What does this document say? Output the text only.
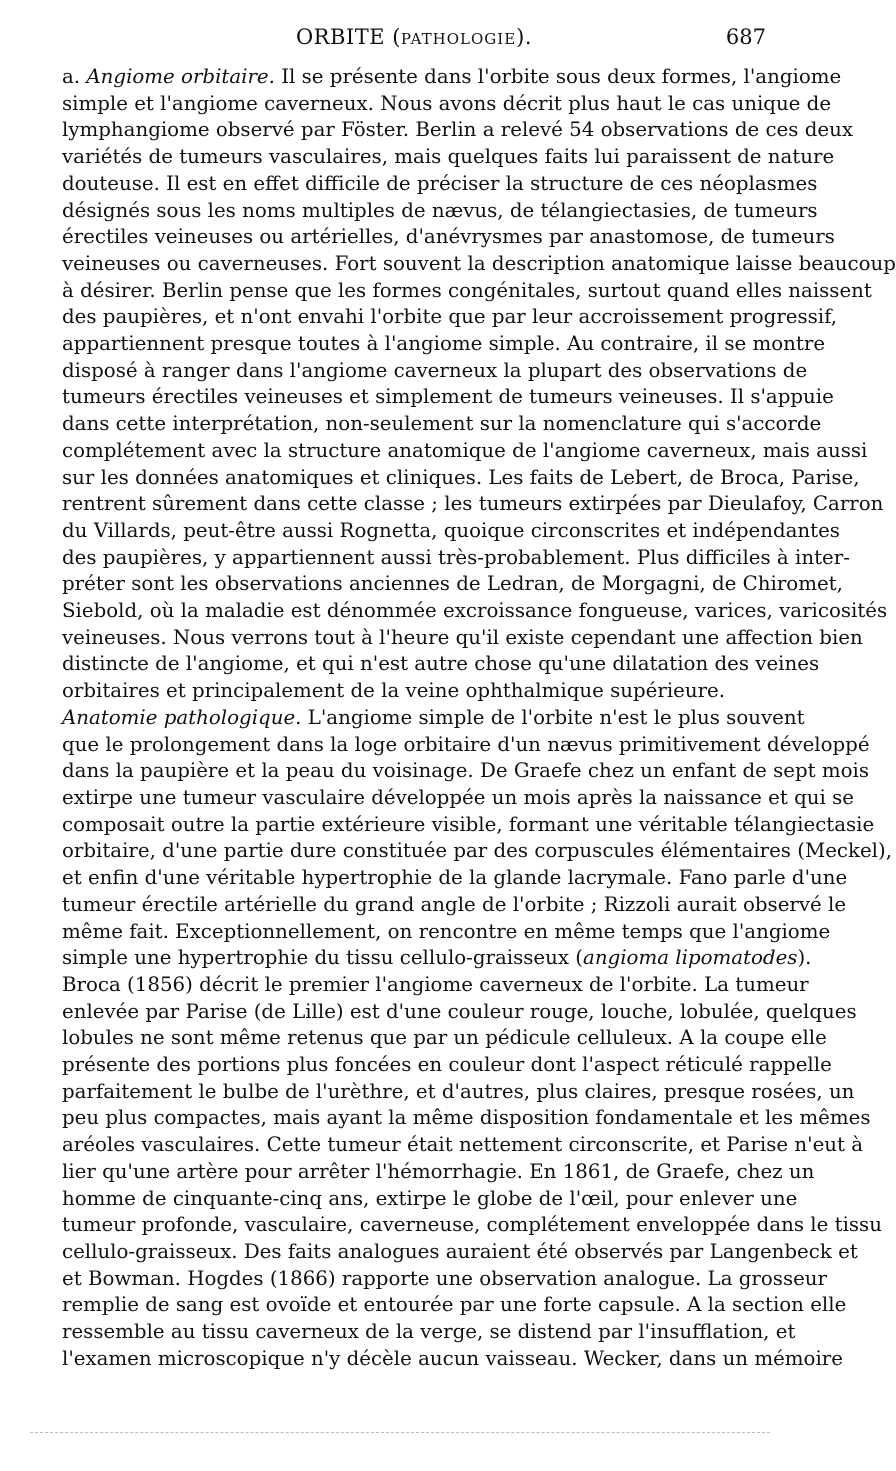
ORBITE (PATHOLOGIE).	687

a. Angiome orbitaire. Il se présente dans l'orbite sous deux formes, l'angiome
simple et l'angiome caverneux. Nous avons décrit plus haut le cas unique de
lymphangiome observé par Föster. Berlin a relevé 54 observations de ces deux
variétés de tumeurs vasculaires, mais quelques faits lui paraissent de nature
douteuse. Il est en effet difficile de préciser la structure de ces néoplasmes
désignés sous les noms multiples de nævus, de télangiectasies, de tumeurs
érectiles veineuses ou artérielles, d'anévrysmes par anastomose, de tumeurs
veineuses ou caverneuses. Fort souvent la description anatomique laisse beaucoup
à désirer. Berlin pense que les formes congénitales, surtout quand elles naissent
des paupières, et n'ont envahi l'orbite que par leur accroissement progressif,
appartiennent presque toutes à l'angiome simple. Au contraire, il se montre
disposé à ranger dans l'angiome caverneux la plupart des observations de
tumeurs érectiles veineuses et simplement de tumeurs veineuses. Il s'appuie
dans cette interprétation, non-seulement sur la nomenclature qui s'accorde
complétement avec la structure anatomique de l'angiome caverneux, mais aussi
sur les données anatomiques et cliniques. Les faits de Lebert, de Broca, Parise,
rentrent sûrement dans cette classe ; les tumeurs extirpées par Dieulafoy, Carron
du Villards, peut-être aussi Rognetta, quoique circonscrites et indépendantes
des paupières, y appartiennent aussi très-probablement. Plus difficiles à inter-
préter sont les observations anciennes de Ledran, de Morgagni, de Chiromet,
Siebold, où la maladie est dénommée excroissance fongueuse, varices, varicosités
veineuses. Nous verrons tout à l'heure qu'il existe cependant une affection bien
distincte de l'angiome, et qui n'est autre chose qu'une dilatation des veines
orbitaires et principalement de la veine ophthalmique supérieure.

Anatomie pathologique. L'angiome simple de l'orbite n'est le plus souvent
que le prolongement dans la loge orbitaire d'un nævus primitivement développé
dans la paupière et la peau du voisinage. De Graefe chez un enfant de sept mois
extirpe une tumeur vasculaire développée un mois après la naissance et qui se
composait outre la partie extérieure visible, formant une véritable télangiectasie
orbitaire, d'une partie dure constituée par des corpuscules élémentaires (Meckel),
et enfin d'une véritable hypertrophie de la glande lacrymale. Fano parle d'une
tumeur érectile artérielle du grand angle de l'orbite ; Rizzoli aurait observé le
même fait. Exceptionnellement, on rencontre en même temps que l'angiome
simple une hypertrophie du tissu cellulo-graisseux (angioma lipomatodes).

Broca (1856) décrit le premier l'angiome caverneux de l'orbite. La tumeur
enlevée par Parise (de Lille) est d'une couleur rouge, louche, lobulée, quelques
lobules ne sont même retenus que par un pédicule celluleux. A la coupe elle
présente des portions plus foncées en couleur dont l'aspect réticulé rappelle
parfaitement le bulbe de l'urèthre, et d'autres, plus claires, presque rosées, un
peu plus compactes, mais ayant la même disposition fondamentale et les mêmes
aréoles vasculaires. Cette tumeur était nettement circonscrite, et Parise n'eut à
lier qu'une artère pour arrêter l'hémorrhagie. En 1861, de Graefe, chez un
homme de cinquante-cinq ans, extirpe le globe de l'œil, pour enlever une
tumeur profonde, vasculaire, caverneuse, complétement enveloppée dans le tissu
cellulo-graisseux. Des faits analogues auraient été observés par Langenbeck et
et Bowman. Hogdes (1866) rapporte une observation analogue. La grosseur
remplie de sang est ovoïde et entourée par une forte capsule. A la section elle
ressemble au tissu caverneux de la verge, se distend par l'insufflation, et
l'examen microscopique n'y décèle aucun vaisseau. Wecker, dans un mémoire
